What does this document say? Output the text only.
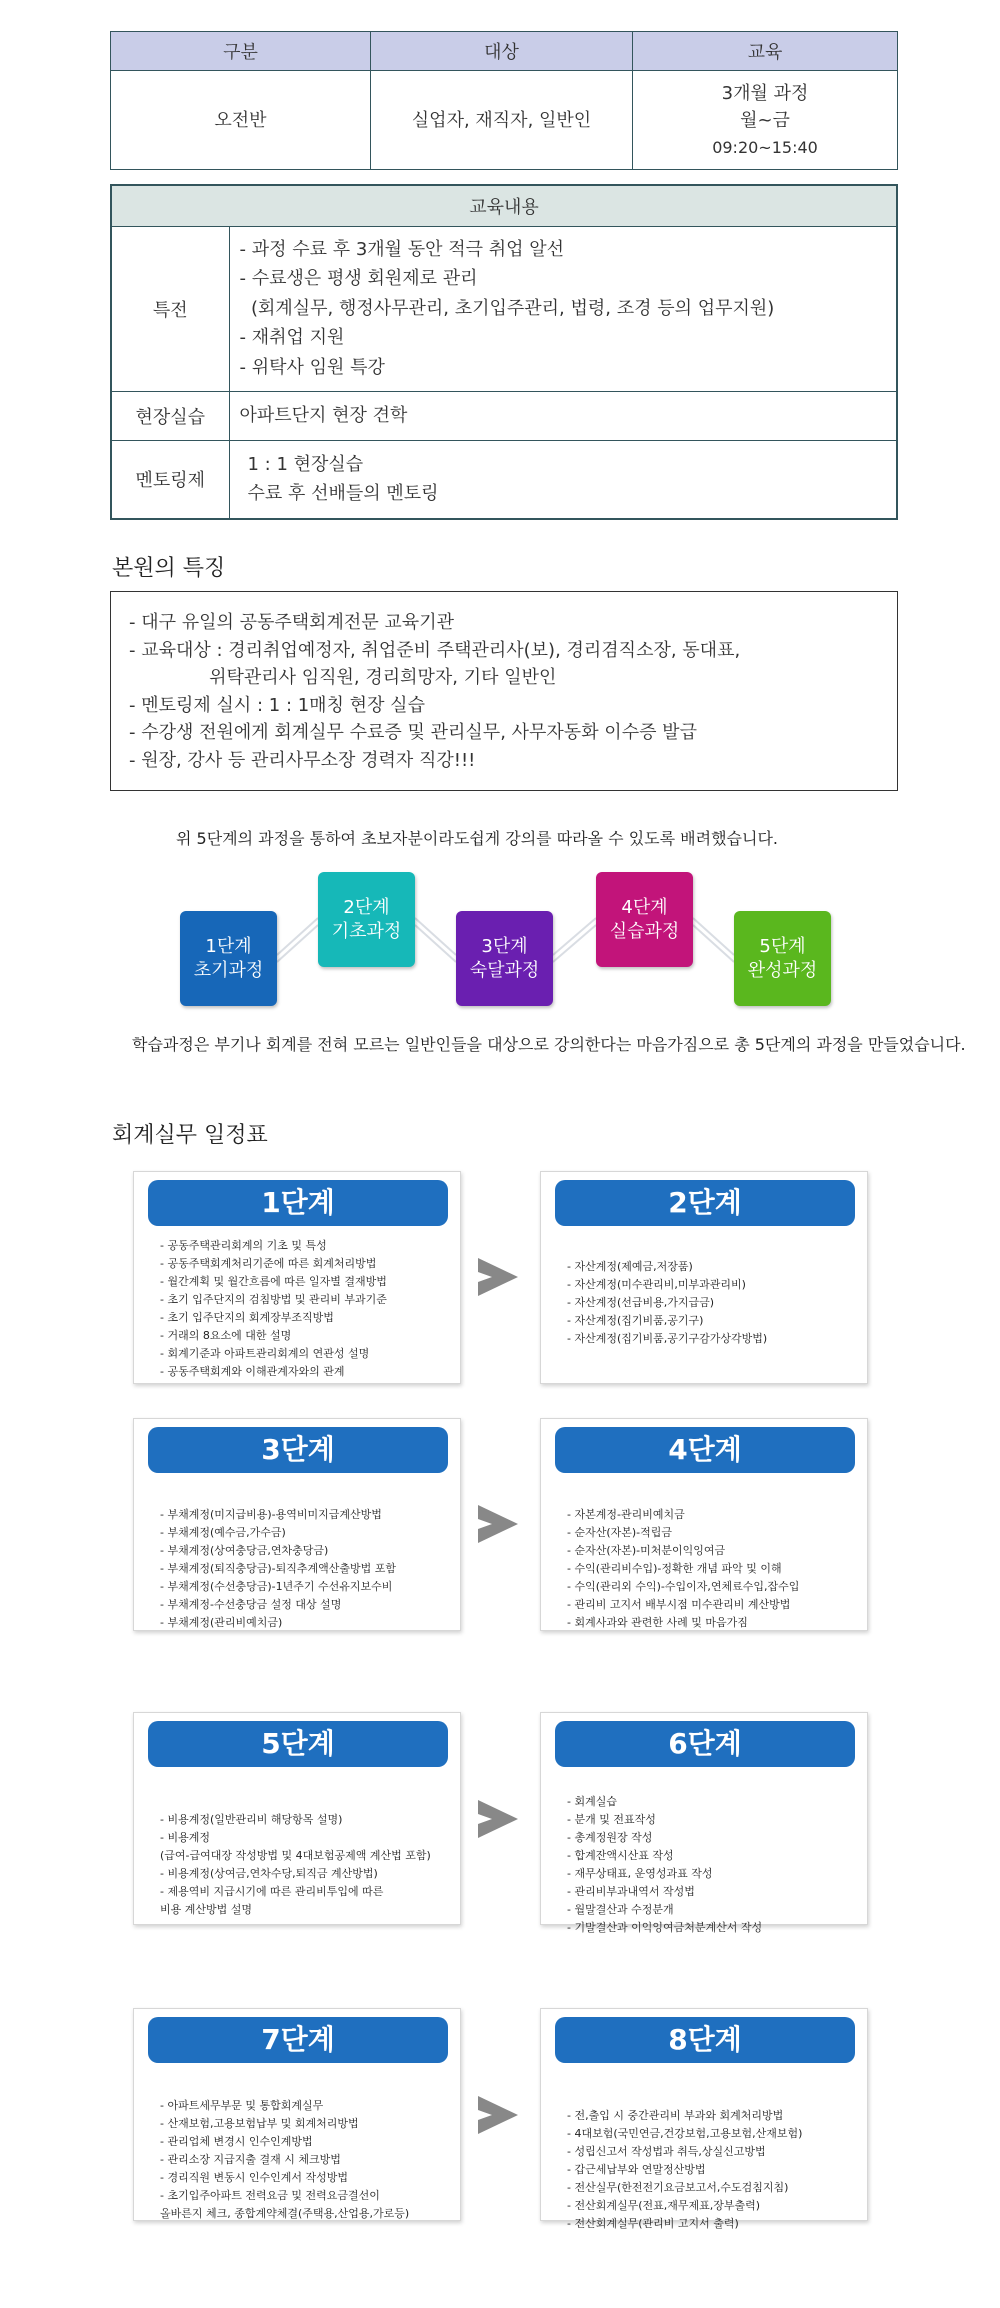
구분	대상	교육
오전반	실업자, 재직자, 일반인	3개월 과정
월~금
09:20~15:40
교육내용	
특전	- 과정 수료 후 3개월 동안 적극 취업 알선
- 수료생은 평생 회원제로 관리
(회계실무, 행정사무관리, 초기입주관리, 법령, 조경 등의 업무지원)
- 재취업 지원
- 위탁사 임원 특강

현장실습	아파트단지 현장 견학

멘토링제	1 : 1 현장실습
수료 후 선배들의 멘토링
본원의 특징
- 대구 유일의 공동주택회계전문 교육기관
- 교육대상 : 경리취업예정자, 취업준비 주택관리사(보), 경리겸직소장, 동대표,
위탁관리사 임직원, 경리희망자, 기타 일반인
- 멘토링제 실시 : 1 : 1매칭 현장 실습
- 수강생 전원에게 회계실무 수료증 및 관리실무, 사무자동화 이수증 발급
- 원장, 강사 등 관리사무소장 경력자 직강!!!
위 5단계의 과정을 통하여 초보자분이라도쉽게 강의를 따라올 수 있도록 배려했습니다.
1단계
초기과정
2단계
기초과정
3단계
숙달과정
4단계
실습과정
5단계
완성과정
학습과정은 부기나 회계를 전혀 모르는 일반인들을 대상으로 강의한다는 마음가짐으로 총 5단계의 과정을 만들었습니다.
회계실무 일정표
1단계
- 공동주택관리회계의 기초 및 특성
- 공동주택회계처리기준에 따른 회계처리방법
- 월간계획 및 월간흐름에 따른 일자별 결재방법
- 초기 입주단지의 검침방법 및 관리비 부과기준
- 초기 입주단지의 회계장부조직방법
- 거래의 8요소에 대한 설명
- 회계기준과 아파트관리회계의 연관성 설명
- 공동주택회계와 이해관계자와의 관계
2단계
- 자산계정(제예금,저장품)
- 자산계정(미수관리비,미부과관리비)
- 자산계정(선급비용,가지급금)
- 자산계정(집기비품,공기구)
- 자산계정(집기비품,공기구감가상각방법)
3단계
- 부채계정(미지급비용)-용역비미지급계산방법
- 부채계정(예수금,가수금)
- 부채계정(상여충당금,연차충당금)
- 부채계정(퇴직충당금)-퇴직추계액산출방법 포함
- 부채계정(수선충당금)-1년주기 수선유지보수비
- 부채계정-수선충당금 설정 대상 설명
- 부채계정(관리비예치금)
4단계
- 자본계정-관리비예치금
- 순자산(자본)-적립금
- 순자산(자본)-미처분이익잉여금
- 수익(관리비수입)-정확한 개념 파악 및 이해
- 수익(관리외 수익)-수입이자,연체료수입,잡수입
- 관리비 고지서 배부시점 미수관리비 계산방법
- 회계사과와 관련한 사례 및 마음가짐
5단계
- 비용계정(일반관리비 해당항목 설명)
- 비용계정
(급여-급여대장 작성방법 및 4대보험공제액 계산법 포함)
- 비용계정(상여금,연차수당,퇴직금 계산방법)
- 제용역비 지급시기에 따른 관리비투입에 따른
비용 계산방법 설명
6단계
- 회계실습
- 분개 및 전표작성
- 총계정원장 작성
- 합계잔액시산표 작성
- 재무상태표, 운영성과표 작성
- 관리비부과내역서 작성법
- 월말결산과 수정분개
- 기말결산과 이익잉여금처분계산서 작성
7단계
- 아파트세무부문 및 통합회계실무
- 산재보험,고용보험납부 및 회계처리방법
- 관리업체 변경시 인수인계방법
- 관리소장 지급지출 결재 시 체크방법
- 경리직원 변동시 인수인계서 작성방법
- 초기입주아파트 전력요금 및 전력요금결선이
올바른지 체크, 종합계약체결(주택용,산업용,가로등)
8단계
- 전,출입 시 중간관리비 부과와 회계처리방법
- 4대보험(국민연금,건강보험,고용보험,산재보험)
- 성립신고서 작성법과 취득,상실신고방법
- 갑근세납부와 연말정산방법
- 전산실무(한전전기요금보고서,수도검침지침)
- 전산회계실무(전표,재무제표,장부출력)
- 전산회계실무(관리비 고지서 출력)
